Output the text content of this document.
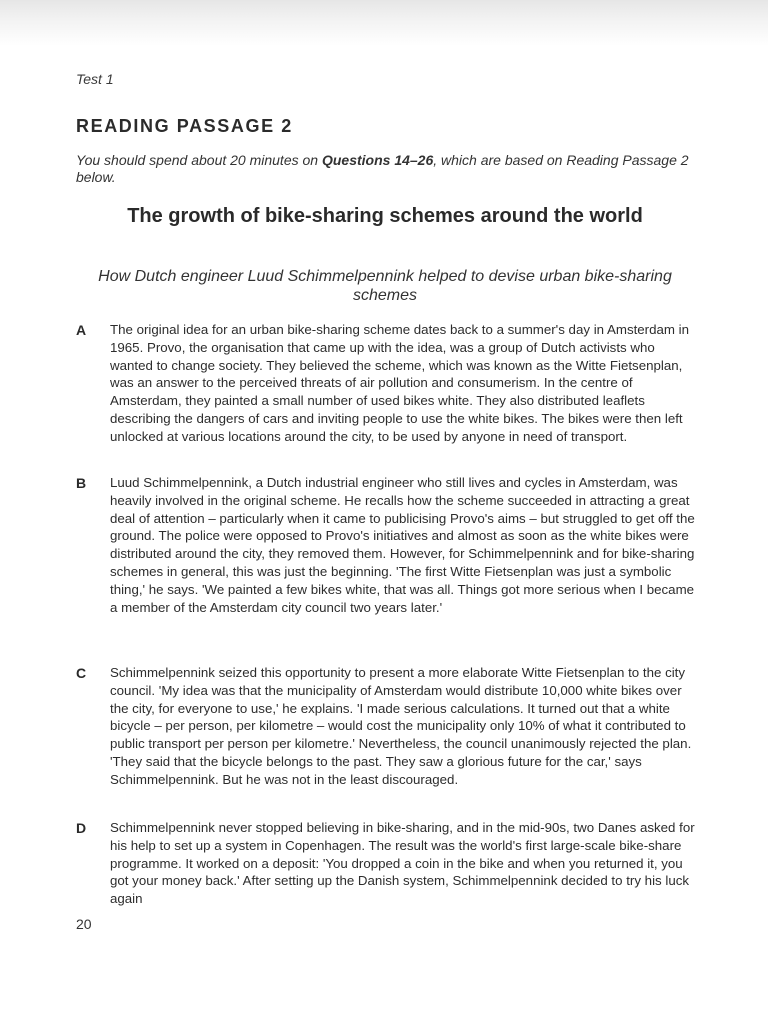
Test 1
READING PASSAGE 2
You should spend about 20 minutes on Questions 14–26, which are based on Reading Passage 2 below.
The growth of bike-sharing schemes around the world
How Dutch engineer Luud Schimmelpennink helped to devise urban bike-sharing schemes
A	The original idea for an urban bike-sharing scheme dates back to a summer's day in Amsterdam in 1965. Provo, the organisation that came up with the idea, was a group of Dutch activists who wanted to change society. They believed the scheme, which was known as the Witte Fietsenplan, was an answer to the perceived threats of air pollution and consumerism. In the centre of Amsterdam, they painted a small number of used bikes white. They also distributed leaflets describing the dangers of cars and inviting people to use the white bikes. The bikes were then left unlocked at various locations around the city, to be used by anyone in need of transport.

B	Luud Schimmelpennink, a Dutch industrial engineer who still lives and cycles in Amsterdam, was heavily involved in the original scheme. He recalls how the scheme succeeded in attracting a great deal of attention – particularly when it came to publicising Provo's aims – but struggled to get off the ground. The police were opposed to Provo's initiatives and almost as soon as the white bikes were distributed around the city, they removed them. However, for Schimmelpennink and for bike-sharing schemes in general, this was just the beginning. 'The first Witte Fietsenplan was just a symbolic thing,' he says. 'We painted a few bikes white, that was all. Things got more serious when I became a member of the Amsterdam city council two years later.'

C	Schimmelpennink seized this opportunity to present a more elaborate Witte Fietsenplan to the city council. 'My idea was that the municipality of Amsterdam would distribute 10,000 white bikes over the city, for everyone to use,' he explains. 'I made serious calculations. It turned out that a white bicycle – per person, per kilometre – would cost the municipality only 10% of what it contributed to public transport per person per kilometre.' Nevertheless, the council unanimously rejected the plan. 'They said that the bicycle belongs to the past. They saw a glorious future for the car,' says Schimmelpennink. But he was not in the least discouraged.

D	Schimmelpennink never stopped believing in bike-sharing, and in the mid-90s, two Danes asked for his help to set up a system in Copenhagen. The result was the world's first large-scale bike-share programme. It worked on a deposit: 'You dropped a coin in the bike and when you returned it, you got your money back.' After setting up the Danish system, Schimmelpennink decided to try his luck again

20
